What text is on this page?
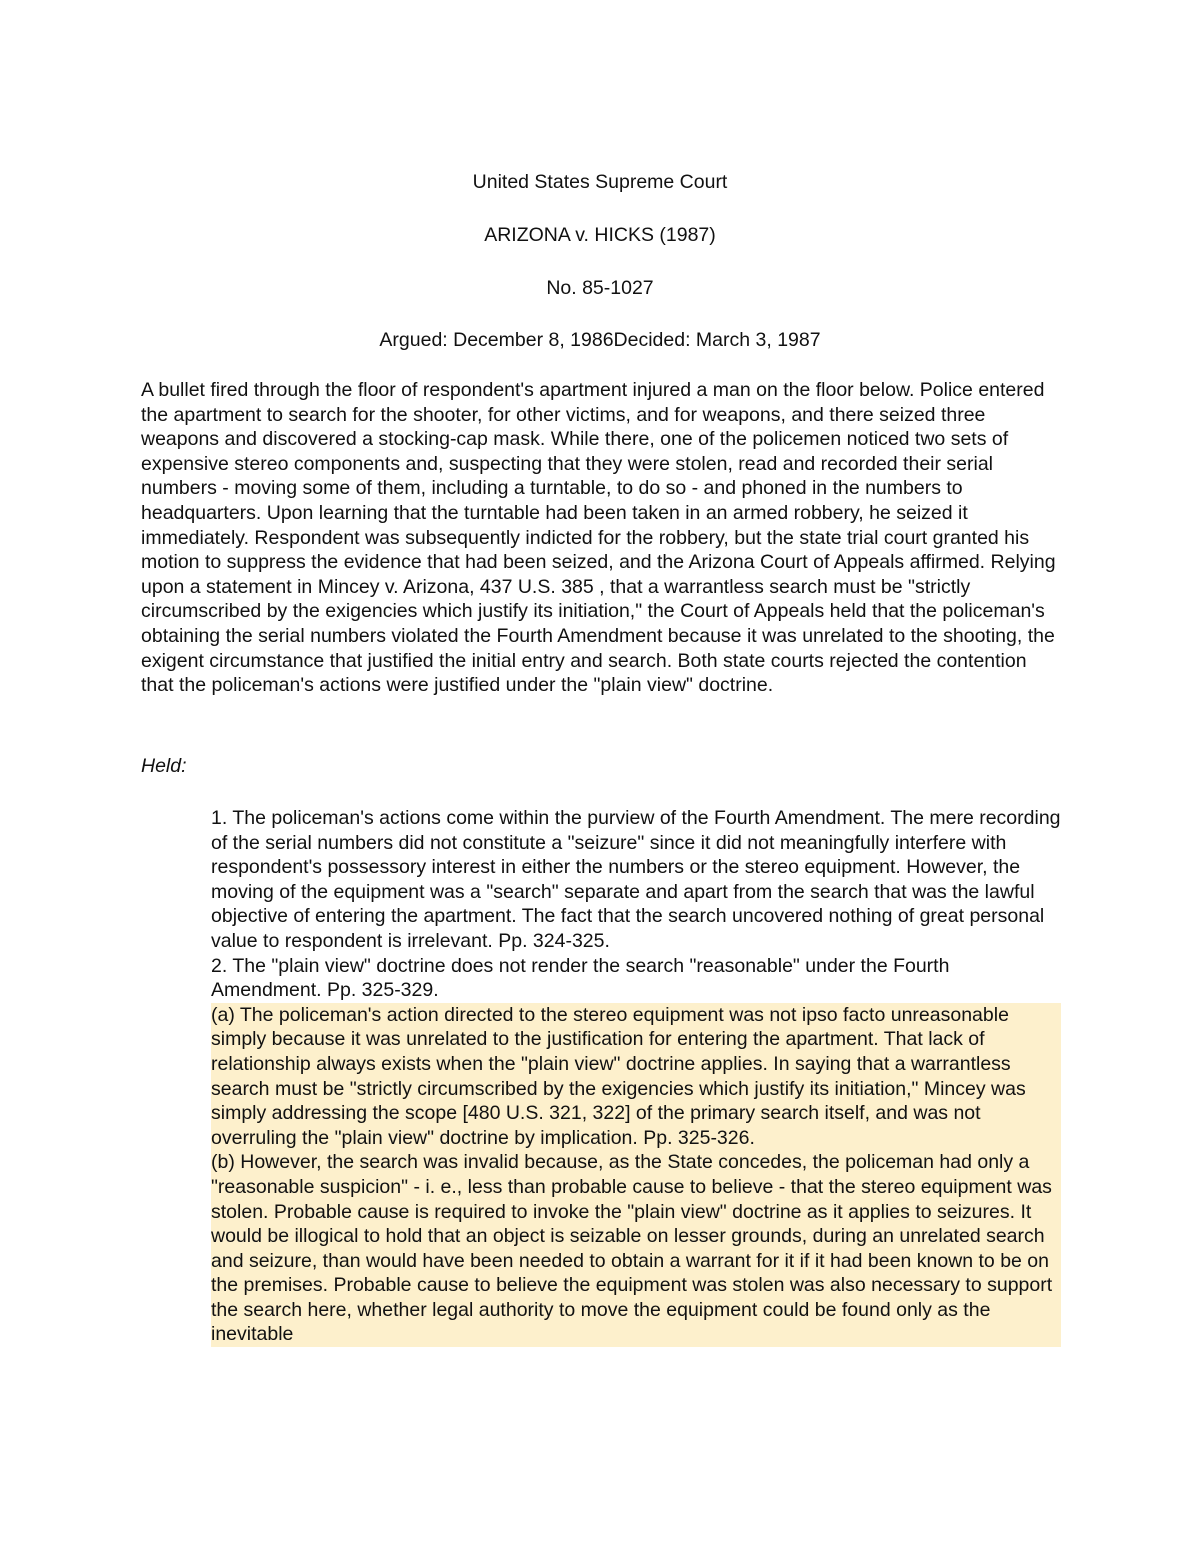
United States Supreme Court
ARIZONA v. HICKS (1987)
No. 85-1027
Argued: December 8, 1986Decided: March 3, 1987

A bullet fired through the floor of respondent's apartment injured a man on the floor below. Police entered the apartment to search for the shooter, for other victims, and for weapons, and there seized three weapons and discovered a stocking-cap mask. While there, one of the policemen noticed two sets of expensive stereo components and, suspecting that they were stolen, read and recorded their serial numbers - moving some of them, including a turntable, to do so - and phoned in the numbers to headquarters. Upon learning that the turntable had been taken in an armed robbery, he seized it immediately. Respondent was subsequently indicted for the robbery, but the state trial court granted his motion to suppress the evidence that had been seized, and the Arizona Court of Appeals affirmed. Relying upon a statement in Mincey v. Arizona, 437 U.S. 385 , that a warrantless search must be "strictly circumscribed by the exigencies which justify its initiation," the Court of Appeals held that the policeman's obtaining the serial numbers violated the Fourth Amendment because it was unrelated to the shooting, the exigent circumstance that justified the initial entry and search. Both state courts rejected the contention that the policeman's actions were justified under the "plain view" doctrine.

Held:

1. The policeman's actions come within the purview of the Fourth Amendment. The mere recording of the serial numbers did not constitute a "seizure" since it did not meaningfully interfere with respondent's possessory interest in either the numbers or the stereo equipment. However, the moving of the equipment was a "search" separate and apart from the search that was the lawful objective of entering the apartment. The fact that the search uncovered nothing of great personal value to respondent is irrelevant. Pp. 324-325.

2. The "plain view" doctrine does not render the search "reasonable" under the Fourth Amendment. Pp. 325-329.

(a) The policeman's action directed to the stereo equipment was not ipso facto unreasonable simply because it was unrelated to the justification for entering the apartment. That lack of relationship always exists when the "plain view" doctrine applies. In saying that a warrantless search must be "strictly circumscribed by the exigencies which justify its initiation," Mincey was simply addressing the scope [480 U.S. 321, 322] of the primary search itself, and was not overruling the "plain view" doctrine by implication. Pp. 325-326.

(b) However, the search was invalid because, as the State concedes, the policeman had only a "reasonable suspicion" - i. e., less than probable cause to believe - that the stereo equipment was stolen. Probable cause is required to invoke the "plain view" doctrine as it applies to seizures. It would be illogical to hold that an object is seizable on lesser grounds, during an unrelated search and seizure, than would have been needed to obtain a warrant for it if it had been known to be on the premises. Probable cause to believe the equipment was stolen was also necessary to support the search here, whether legal authority to move the equipment could be found only as the inevitable
